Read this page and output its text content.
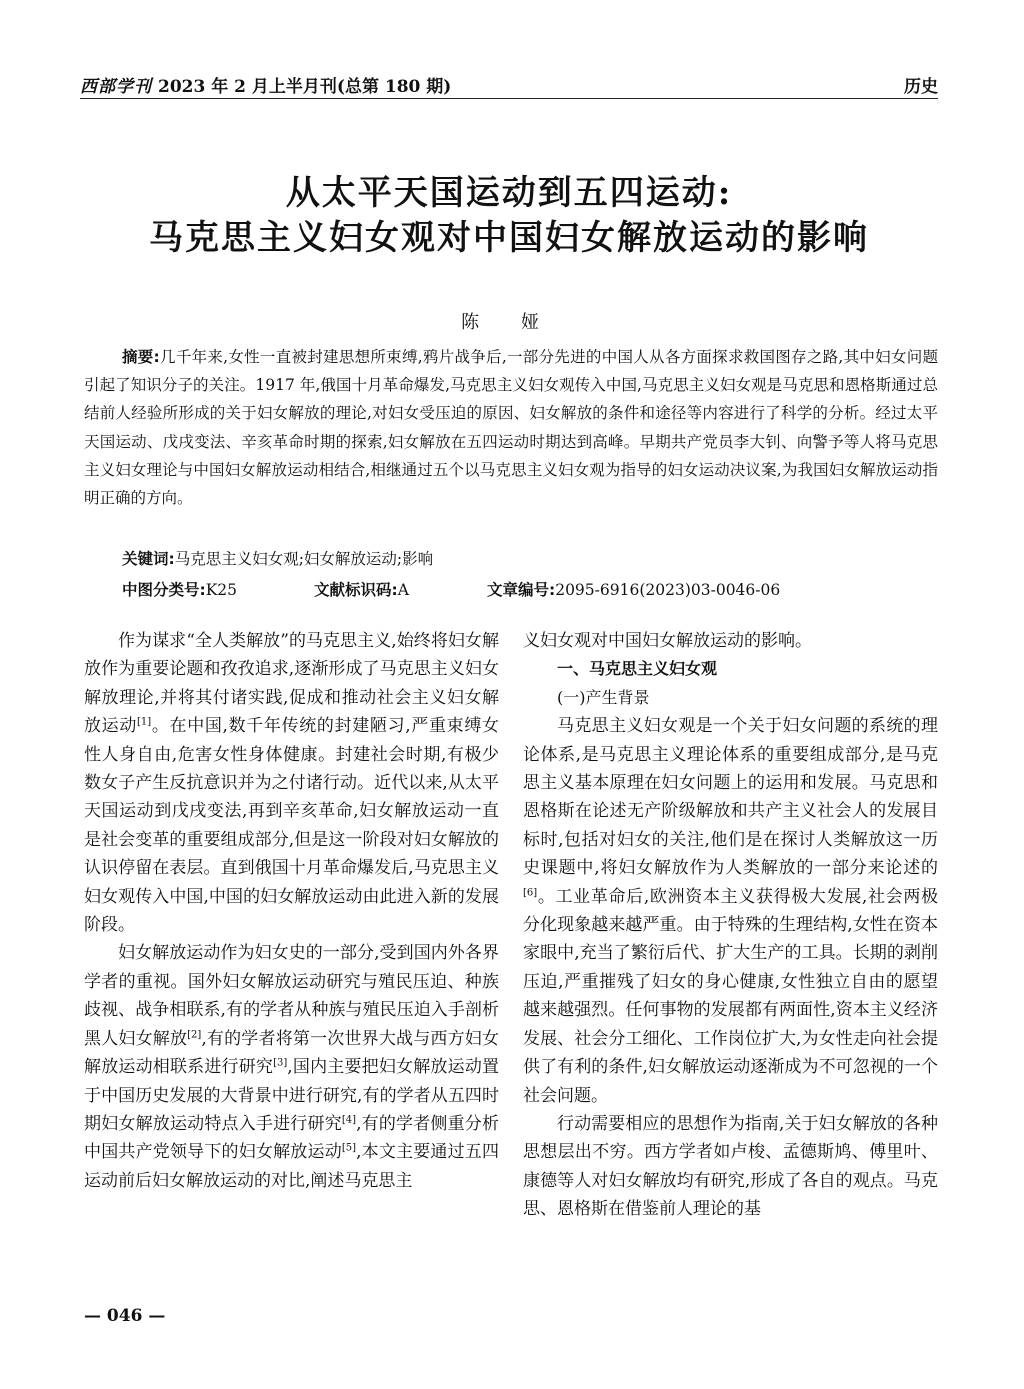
西部学刊 2023 年 2 月上半月刊(总第 180 期)	历史
从太平天国运动到五四运动:
马克思主义妇女观对中国妇女解放运动的影响
陈 娅
摘要:几千年来,女性一直被封建思想所束缚,鸦片战争后,一部分先进的中国人从各方面探求救国图存之路,其中妇女问题引起了知识分子的关注。1917 年,俄国十月革命爆发,马克思主义妇女观传入中国,马克思主义妇女观是马克思和恩格斯通过总结前人经验所形成的关于妇女解放的理论,对妇女受压迫的原因、妇女解放的条件和途径等内容进行了科学的分析。经过太平天国运动、戊戌变法、辛亥革命时期的探索,妇女解放在五四运动时期达到高峰。早期共产党员李大钊、向警予等人将马克思主义妇女理论与中国妇女解放运动相结合,相继通过五个以马克思主义妇女观为指导的妇女运动决议案,为我国妇女解放运动指明正确的方向。
关键词:马克思主义妇女观;妇女解放运动;影响
中图分类号:K25	文献标识码:A	文章编号:2095-6916(2023)03-0046-06

作为谋求“全人类解放”的马克思主义,始终将妇女解放作为重要论题和孜孜追求,逐渐形成了马克思主义妇女解放理论,并将其付诸实践,促成和推动社会主义妇女解放运动[1]。在中国,数千年传统的封建陋习,严重束缚女性人身自由,危害女性身体健康。封建社会时期,有极少数女子产生反抗意识并为之付诸行动。近代以来,从太平天国运动到戊戌变法,再到辛亥革命,妇女解放运动一直是社会变革的重要组成部分,但是这一阶段对妇女解放的认识停留在表层。直到俄国十月革命爆发后,马克思主义妇女观传入中国,中国的妇女解放运动由此进入新的发展阶段。

妇女解放运动作为妇女史的一部分,受到国内外各界学者的重视。国外妇女解放运动研究与殖民压迫、种族歧视、战争相联系,有的学者从种族与殖民压迫入手剖析黑人妇女解放[2],有的学者将第一次世界大战与西方妇女解放运动相联系进行研究[3],国内主要把妇女解放运动置于中国历史发展的大背景中进行研究,有的学者从五四时期妇女解放运动特点入手进行研究[4],有的学者侧重分析中国共产党领导下的妇女解放运动[5],本文主要通过五四运动前后妇女解放运动的对比,阐述马克思主

义妇女观对中国妇女解放运动的影响。

一、马克思主义妇女观

(一)产生背景

马克思主义妇女观是一个关于妇女问题的系统的理论体系,是马克思主义理论体系的重要组成部分,是马克思主义基本原理在妇女问题上的运用和发展。马克思和恩格斯在论述无产阶级解放和共产主义社会人的发展目标时,包括对妇女的关注,他们是在探讨人类解放这一历史课题中,将妇女解放作为人类解放的一部分来论述的[6]。工业革命后,欧洲资本主义获得极大发展,社会两极分化现象越来越严重。由于特殊的生理结构,女性在资本家眼中,充当了繁衍后代、扩大生产的工具。长期的剥削压迫,严重摧残了妇女的身心健康,女性独立自由的愿望越来越强烈。任何事物的发展都有两面性,资本主义经济发展、社会分工细化、工作岗位扩大,为女性走向社会提供了有利的条件,妇女解放运动逐渐成为不可忽视的一个社会问题。

行动需要相应的思想作为指南,关于妇女解放的各种思想层出不穷。西方学者如卢梭、孟德斯鸠、傅里叶、康德等人对妇女解放均有研究,形成了各自的观点。马克思、恩格斯在借鉴前人理论的基

— 046 —
